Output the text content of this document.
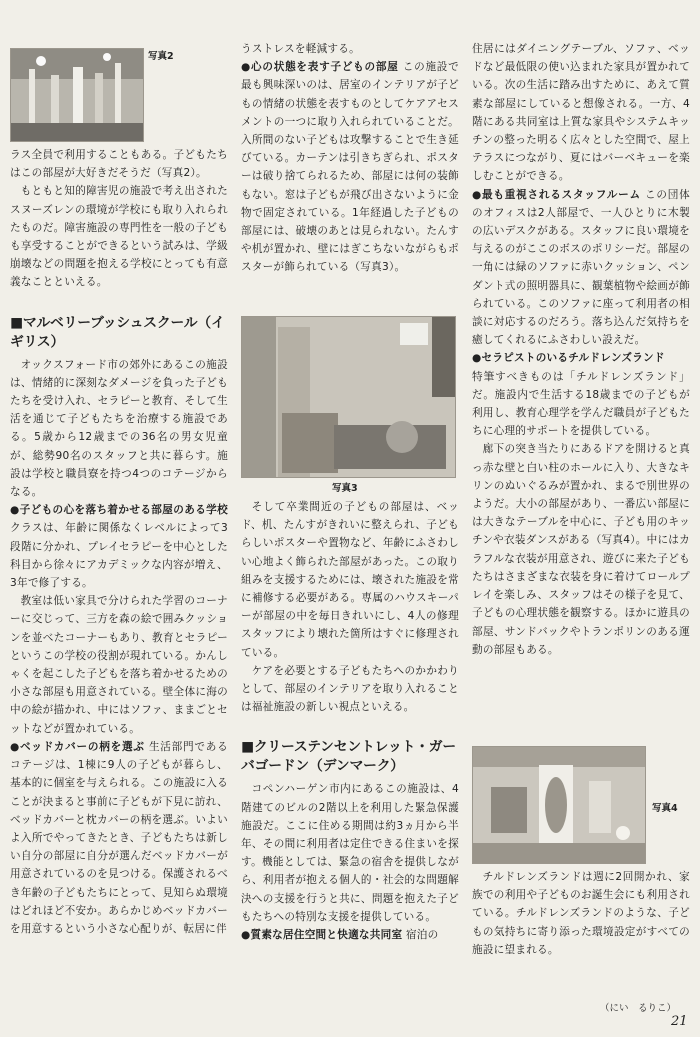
写真2

ラス全員で利用することもある。子どもたちはこの部屋が大好きだそうだ（写真2）。

もともと知的障害児の施設で考え出されたスヌーズレンの環境が学校にも取り入れられたものだ。障害施設の専門性を一般の子どもも享受することができるという試みは、学級崩壊などの問題を抱える学校にとっても有意義なことといえる。

■マルベリーブッシュスクール（イギリス）

オックスフォード市の郊外にあるこの施設は、情緒的に深刻なダメージを負った子どもたちを受け入れ、セラピーと教育、そして生活を通じて子どもたちを治療する施設である。5歳から12歳までの36名の男女児童が、総勢90名のスタッフと共に暮らす。施設は学校と職員寮を持つ4つのコテージからなる。

●子どもの心を落ち着かせる部屋のある学校 クラスは、年齢に関係なくレベルによって3段階に分かれ、プレイセラピーを中心とした科目から徐々にアカデミックな内容が増え、3年で修了する。

教室は低い家具で分けられた学習のコーナーに交じって、三方を森の絵で囲みクッションを並べたコーナーもあり、教育とセラピーというこの学校の役割が現れている。かんしゃくを起こした子どもを落ち着かせるための小さな部屋も用意されている。壁全体に海の中の絵が描かれ、中にはソファ、ままごとセットなどが置かれている。

●ベッドカバーの柄を選ぶ 生活部門であるコテージは、1棟に9人の子どもが暮らし、基本的に個室を与えられる。この施設に入ることが決まると事前に子どもが下見に訪れ、ベッドカバーと枕カバーの柄を選ぶ。いよいよ入所でやってきたとき、子どもたちは新しい自分の部屋に自分が選んだベッドカバーが用意されているのを見つける。保護されるべき年齢の子どもたちにとって、見知らぬ環境はどれほど不安か。あらかじめベッドカバーを用意するという小さな心配りが、転居に伴

うストレスを軽減する。

●心の状態を表す子どもの部屋 この施設で最も興味深いのは、居室のインテリアが子どもの情緒の状態を表すものとしてケアアセスメントの一つに取り入れられていることだ。入所間のない子どもは攻撃することで生き延びている。カーテンは引きちぎられ、ポスターは破り捨てられるため、部屋には何の装飾もない。窓は子どもが飛び出さないように金物で固定されている。1年経過した子どもの部屋には、破壊のあとは見られない。たんすや机が置かれ、壁にはぎこちないながらもポスターが飾られている（写真3）。

写真3

そして卒業間近の子どもの部屋は、ベッド、机、たんすがきれいに整えられ、子どもらしいポスターや置物など、年齢にふさわしい心地よく飾られた部屋があった。この取り組みを支援するためには、壊された施設を常に補修する必要がある。専属のハウスキーパーが部屋の中を毎日きれいにし、4人の修理スタッフにより壊れた箇所はすぐに修理されている。

ケアを必要とする子どもたちへのかかわりとして、部屋のインテリアを取り入れることは福祉施設の新しい視点といえる。

■クリーステンセントレット・ガーバゴードン（デンマーク）

コペンハーゲン市内にあるこの施設は、4階建てのビルの2階以上を利用した緊急保護施設だ。ここに住める期間は約3ヵ月から半年、その間に利用者は定住できる住まいを探す。機能としては、緊急の宿舎を提供しながら、利用者が抱える個人的・社会的な問題解決への支援を行うと共に、問題を抱えた子どもたちへの特別な支援を提供している。

●質素な居住空間と快適な共同室 宿泊の

住居にはダイニングテーブル、ソファ、ベッドなど最低限の使い込まれた家具が置かれている。次の生活に踏み出すために、あえて質素な部屋にしていると想像される。一方、4階にある共同室は上質な家具やシステムキッチンの整った明るく広々とした空間で、屋上テラスにつながり、夏にはバーベキューを楽しむことができる。

●最も重視されるスタッフルーム この団体のオフィスは2人部屋で、一人ひとりに木製の広いデスクがある。スタッフに良い環境を与えるのがここのボスのポリシーだ。部屋の一角には緑のソファに赤いクッション、ペンダント式の照明器具に、観葉植物や絵画が飾られている。このソファに座って利用者の相談に対応するのだろう。落ち込んだ気持ちを癒してくれるにふさわしい設えだ。

●セラピストのいるチルドレンズランド
特筆すべきものは「チルドレンズランド」だ。施設内で生活する18歳までの子どもが利用し、教育心理学を学んだ職員が子どもたちに心理的サポートを提供している。

廊下の突き当たりにあるドアを開けると真っ赤な壁と白い柱のホールに入り、大きなキリンのぬいぐるみが置かれ、まるで別世界のようだ。大小の部屋があり、一番広い部屋には大きなテーブルを中心に、子ども用のキッチンや衣装ダンスがある（写真4）。中にはカラフルな衣装が用意され、遊びに来た子どもたちはさまざまな衣装を身に着けてロールプレイを楽しみ、スタッフはその様子を見て、子どもの心理状態を観察する。ほかに遊具の部屋、サンドバックやトランポリンのある運動の部屋もある。

写真4

チルドレンズランドは週に2回開かれ、家族での利用や子どものお誕生会にも利用されている。チルドレンズランドのような、子どもの気持ちに寄り添った環境設定がすべての施設に望まれる。

（にい　るりこ）
21
